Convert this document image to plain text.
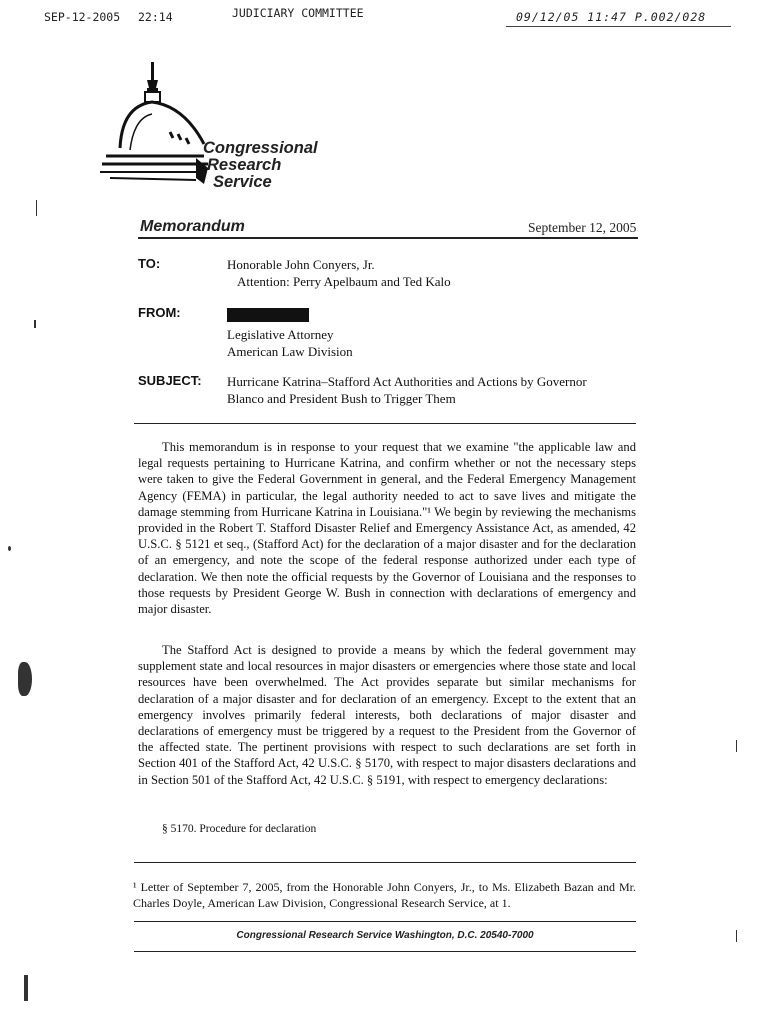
SEP-12-2005 22:14	JUDICIARY COMMITTEE	09/12/05 11:47 P.002/028
Congressional
Research
Service
Memorandum	September 12, 2005
TO:	Honorable John Conyers, Jr.
Attention: Perry Apelbaum and Ted Kalo
FROM:
Legislative Attorney
American Law Division
SUBJECT: Hurricane Katrina–Stafford Act Authorities and Actions by Governor
Blanco and President Bush to Trigger Them

This memorandum is in response to your request that we examine "the applicable law and legal requests pertaining to Hurricane Katrina, and confirm whether or not the necessary steps were taken to give the Federal Government in general, and the Federal Emergency Management Agency (FEMA) in particular, the legal authority needed to act to save lives and mitigate the damage stemming from Hurricane Katrina in Louisiana."¹ We begin by reviewing the mechanisms provided in the Robert T. Stafford Disaster Relief and Emergency Assistance Act, as amended, 42 U.S.C. § 5121 et seq., (Stafford Act) for the declaration of a major disaster and for the declaration of an emergency, and note the scope of the federal response authorized under each type of declaration. We then note the official requests by the Governor of Louisiana and the responses to those requests by President George W. Bush in connection with declarations of emergency and major disaster.

The Stafford Act is designed to provide a means by which the federal government may supplement state and local resources in major disasters or emergencies where those state and local resources have been overwhelmed. The Act provides separate but similar mechanisms for declaration of a major disaster and for declaration of an emergency. Except to the extent that an emergency involves primarily federal interests, both declarations of major disaster and declarations of emergency must be triggered by a request to the President from the Governor of the affected state. The pertinent provisions with respect to such declarations are set forth in Section 401 of the Stafford Act, 42 U.S.C. § 5170, with respect to major disasters declarations and in Section 501 of the Stafford Act, 42 U.S.C. § 5191, with respect to emergency declarations:

§ 5170. Procedure for declaration
¹ Letter of September 7, 2005, from the Honorable John Conyers, Jr., to Ms. Elizabeth Bazan and Mr. Charles Doyle, American Law Division, Congressional Research Service, at 1.
Congressional Research Service Washington, D.C. 20540-7000
